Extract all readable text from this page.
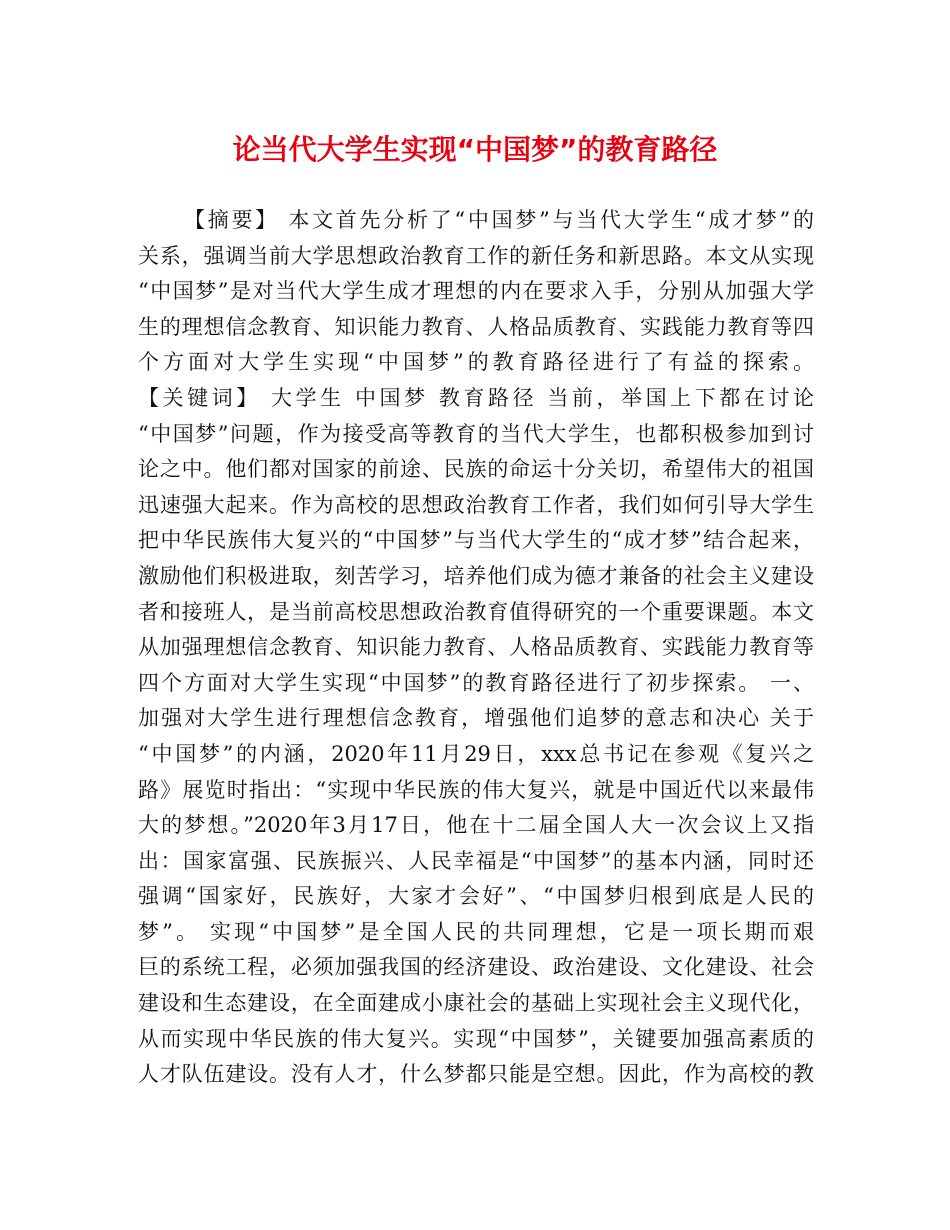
论当代大学生实现“中国梦”的教育路径
【摘要】 本文首先分析了“中国梦”与当代大学生“成才梦”的
关系，强调当前大学思想政治教育工作的新任务和新思路。本文从实现
“中国梦”是对当代大学生成才理想的内在要求入手，分别从加强大学
生的理想信念教育、知识能力教育、人格品质教育、实践能力教育等四
个方面对大学生实现“中国梦”的教育路径进行了有益的探索。
【关键词】 大学生 中国梦 教育路径 当前，举国上下都在讨论
“中国梦”问题，作为接受高等教育的当代大学生，也都积极参加到讨
论之中。他们都对国家的前途、民族的命运十分关切，希望伟大的祖国
迅速强大起来。作为高校的思想政治教育工作者，我们如何引导大学生
把中华民族伟大复兴的“中国梦”与当代大学生的“成才梦”结合起来，
激励他们积极进取，刻苦学习，培养他们成为德才兼备的社会主义建设
者和接班人，是当前高校思想政治教育值得研究的一个重要课题。本文
从加强理想信念教育、知识能力教育、人格品质教育、实践能力教育等
四个方面对大学生实现“中国梦”的教育路径进行了初步探索。 一、
加强对大学生进行理想信念教育，增强他们追梦的意志和决心 关于
“中国梦”的内涵，2020年11月29日，xxx总书记在参观《复兴之
路》展览时指出：“实现中华民族的伟大复兴，就是中国近代以来最伟
大的梦想。”2020年3月17日，他在十二届全国人大一次会议上又指
出：国家富强、民族振兴、人民幸福是“中国梦”的基本内涵，同时还
强调“国家好，民族好，大家才会好”、“中国梦归根到底是人民的
梦”。 实现“中国梦”是全国人民的共同理想，它是一项长期而艰
巨的系统工程，必须加强我国的经济建设、政治建设、文化建设、社会
建设和生态建设，在全面建成小康社会的基础上实现社会主义现代化，
从而实现中华民族的伟大复兴。实现“中国梦”，关键要加强高素质的
人才队伍建设。没有人才，什么梦都只能是空想。因此，作为高校的教
